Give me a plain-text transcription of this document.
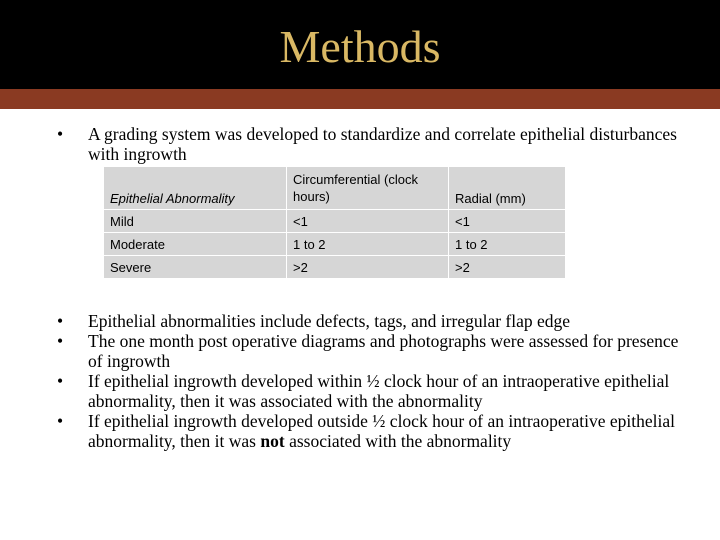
Methods
•	A grading system was developed to standardize and correlate epithelial disturbances with ingrowth
Epithelial Abnormality	Circumferential (clock hours)	Radial (mm)
Mild	<1	<1
Moderate	1 to 2	1 to 2
Severe	>2	>2
•	Epithelial abnormalities include defects, tags, and irregular flap edge
•	The one month post operative diagrams and photographs were assessed for presence of ingrowth
•	If epithelial ingrowth developed within ½ clock hour of an intraoperative epithelial abnormality, then it was associated with the abnormality
•	If epithelial ingrowth developed outside ½ clock hour of an intraoperative epithelial abnormality, then it was not associated with the abnormality
